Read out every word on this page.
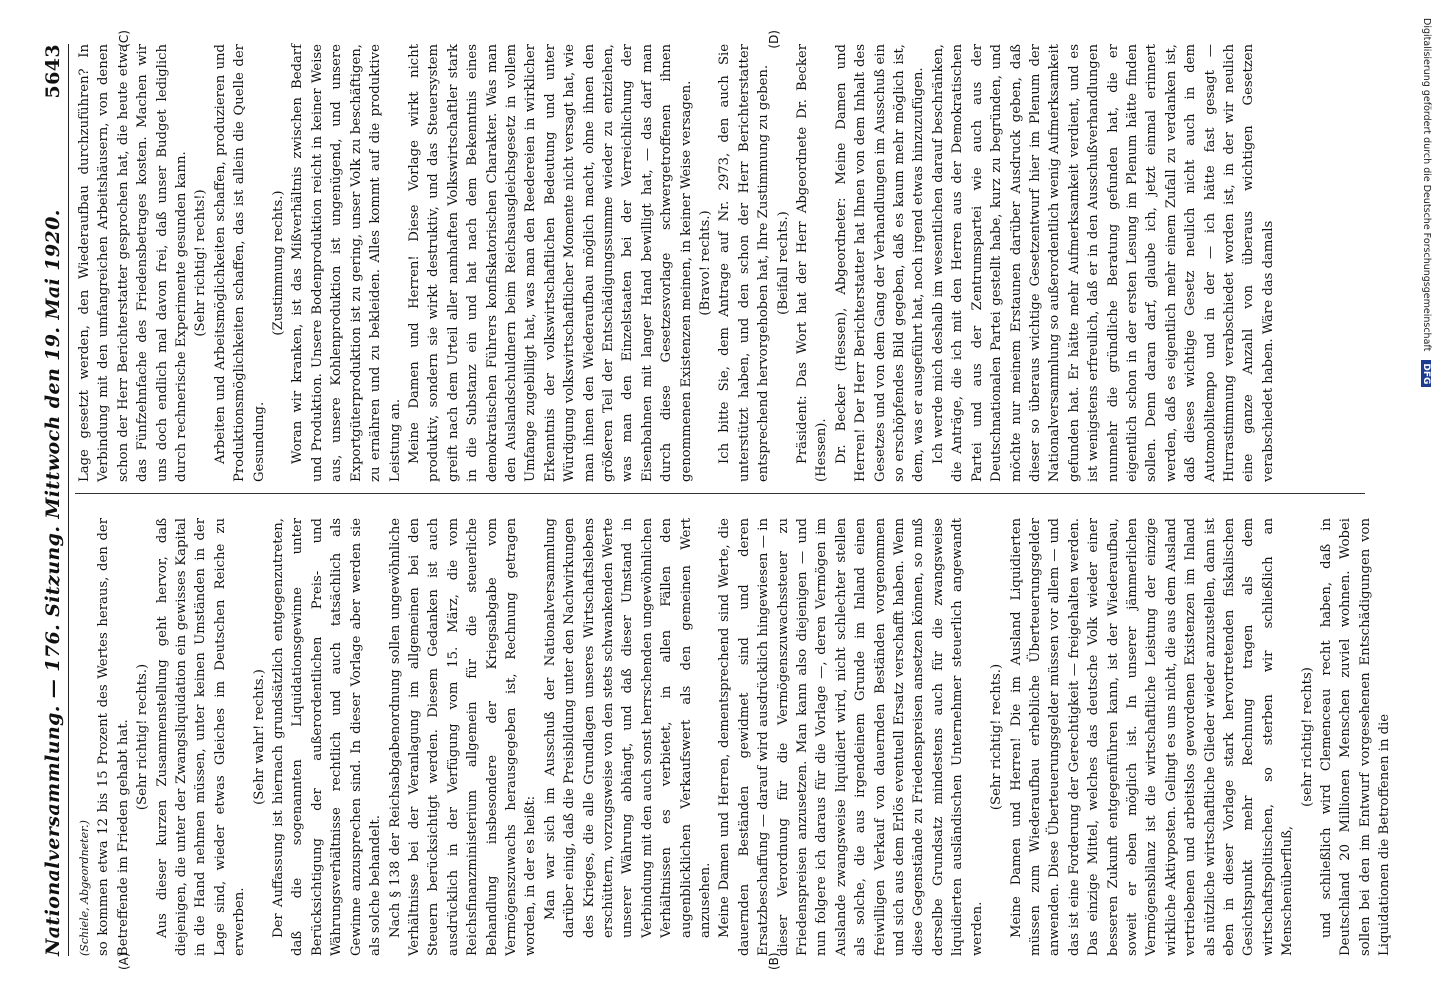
Nationalversammlung. — 176. Sitzung. Mittwoch den 19. Mai 1920.
5643

(Schiele, Abgeordneter.) so kommen etwa 12 bis 15 Prozent des Wertes heraus, den der Betreffende im Frieden gehabt hat. (Sehr richtig! rechts.) Aus dieser kurzen Zusammenstellung geht hervor, daß diejenigen, die unter der Zwangsliquidation ein gewisses Kapital in die Hand nehmen müssen, unter keinen Umständen in der Lage sind, wieder etwas Gleiches im Deutschen Reiche zu erwerben.

(Sehr wahr! rechts.) Der Auffassung ist hiernach grundsätzlich entgegenzutreten, daß die sogenannten Liquidationsgewinne unter Berücksichtigung der außerordentlichen Preis- und Währungsverhältnisse rechtlich und auch tatsächlich als Gewinne anzusprechen sind. In dieser Vorlage aber werden sie als solche behandelt. Nach § 138 der Reichsabgabenordnung sollen ungewöhnliche Verhältnisse bei der Veranlagung im allgemeinen bei den Steuern berücksichtigt werden. Diesem Gedanken ist auch ausdrücklich in der Verfügung vom 15. März, die vom Reichsfinanzministerium allgemein für die steuerliche Behandlung insbesondere der Kriegsabgabe vom Vermögenszuwachs herausgegeben ist, Rechnung getragen worden, in der es heißt: Man war sich im Ausschuß der Nationalversammlung darüber einig, daß die Preisbildung unter den Nachwirkungen des Krieges, die alle Grundlagen unseres Wirtschaftslebens erschüttern, vorzugsweise von den stets schwankenden Werte unserer Währung abhängt, und daß dieser Umstand in Verbindung mit den auch sonst herrschenden ungewöhnlichen Verhältnissen es verbietet, in allen Fällen den augenblicklichen Verkaufswert als den gemeinen Wert anzusehen. Meine Damen und Herren, dementsprechend sind Werte, die dauernden Beständen gewidmet sind und deren Ersatzbeschaffung — darauf wird ausdrücklich hingewiesen — in dieser Verordnung für die Vermögenszuwachssteuer zu Friedenspreisen anzusetzen. Man kann also diejenigen — und nun folgere ich daraus für die Vorlage —, deren Vermögen im Auslande zwangsweise liquidiert wird, nicht schlechter stellen als solche, die aus irgendeinem Grunde im Inland einen freiwilligen Verkauf von dauernden Beständen vorgenommen und sich aus dem Erlös eventuell Ersatz verschafft haben. Wenn diese Gegenstände zu Friedenspreisen ansetzen können, so muß derselbe Grundsatz mindestens auch für die zwangsweise liquidierten ausländischen Unternehmer steuerlich angewandt werden.

(Sehr richtig! rechts.) Meine Damen und Herren! Die im Ausland Liquidierten müssen zum Wiederaufbau erhebliche Überteuerungsgelder anwenden. Diese Überteuerungsgelder müssen vor allem — und das ist eine Forderung der Gerechtigkeit — freigehalten werden. Das einzige Mittel, welches das deutsche Volk wieder einer besseren Zukunft entgegenführen kann, ist der Wiederaufbau, soweit er eben möglich ist. In unserer jämmerlichen Vermögensbilanz ist die wirtschaftliche Leistung der einzige wirkliche Aktivposten. Gelingt es uns nicht, die aus dem Ausland vertriebenen und arbeitslos gewordenen Existenzen im Inland als nützliche wirtschaftliche Glieder wieder anzustellen, dann ist eben in dieser Vorlage stark hervortretenden fiskalischen Gesichtspunkt mehr Rechnung tragen als dem wirtschaftspolitischen, so sterben wir schließlich an Menschenüberfluß,

(sehr richtig! rechts) und schließlich wird Clemenceau recht haben, daß in Deutschland 20 Millionen Menschen zuviel wohnen. Wobei sollen bei den im Entwurf vorgesehenen Entschädigungen von Liquidationen die Betroffenen in die

(A)	(B)

Lage gesetzt werden, den Wiederaufbau durchzuführen? In Verbindung mit den umfangreichen Arbeitshäusern, von denen schon der Herr Berichterstatter gesprochen hat, die heute etwa das Fünfzehnfache des Friedensbetrages kosten. Machen wir uns doch endlich mal davon frei, daß unser Budget lediglich durch rechnerische Experimente gesunden kann. (Sehr richtig! rechts!) Arbeiten und Arbeitsmöglichkeiten schaffen, produzieren und Produktionsmöglichkeiten schaffen, das ist allein die Quelle der Gesundung.

(Zustimmung rechts.) Woran wir kranken, ist das Mißverhältnis zwischen Bedarf und Produktion. Unsere Bodenproduktion reicht in keiner Weise aus, unsere Kohlenproduktion ist ungenügend, und unsere Exportgüterproduktion ist zu gering, unser Volk zu beschäftigen, zu ernähren und zu bekleiden. Alles kommt auf die produktive Leistung an. Meine Damen und Herren! Diese Vorlage wirkt nicht produktiv, sondern sie wirkt destruktiv, und das Steuersystem greift nach dem Urteil aller namhaften Volkswirtschaftler stark in die Substanz ein und hat nach dem Bekenntnis eines demokratischen Führers konfiskatorischen Charakter. Was man den Auslandschuldnern beim Reichsausgleichsgesetz in vollem Umfange zugebilligt hat, was man den Reedereien in wirklicher Erkenntnis der volkswirtschaftlichen Bedeutung und unter Würdigung volkswirtschaftlicher Momente nicht versagt hat, wie man ihnen den Wiederaufbau möglich macht, ohne ihnen den größeren Teil der Entschädigungssumme wieder zu entziehen, was man den Einzelstaaten bei der Verreichlichung der Eisenbahnen mit langer Hand bewilligt hat, — das darf man durch diese Gesetzesvorlage schwergetroffenen ihnen genommenen Existenzen meinen, in keiner Weise versagen. (Bravo! rechts.) Ich bitte Sie, dem Antrage auf Nr. 2973, den auch Sie unterstützt haben, und den schon der Herr Berichterstatter entsprechend hervorgehoben hat, Ihre Zustimmung zu geben. (Beifall rechts.) Präsident: Das Wort hat der Herr Abgeordnete Dr. Becker (Hessen). Dr. Becker (Hessen), Abgeordneter: Meine Damen und Herren! Der Herr Berichterstatter hat Ihnen von dem Inhalt des Gesetzes und von dem Gang der Verhandlungen im Ausschuß ein so erschöpfendes Bild gegeben, daß es kaum mehr möglich ist, dem, was er ausgeführt hat, noch irgend etwas hinzuzufügen. Ich werde mich deshalb im wesentlichen darauf beschränken, die Anträge, die ich mit den Herren aus der Demokratischen Partei und aus der Zentrumspartei wie auch aus der Deutschnationalen Partei gestellt habe, kurz zu begründen, und möchte nur meinem Erstaunen darüber Ausdruck geben, daß dieser so überaus wichtige Gesetzentwurf hier im Plenum der Nationalversammlung so außerordentlich wenig Aufmerksamkeit gefunden hat. Er hätte mehr Aufmerksamkeit verdient, und es ist wenigstens erfreulich, daß er in den Ausschußverhandlungen nunmehr die gründliche Beratung gefunden hat, die er eigentlich schon in der ersten Lesung im Plenum hätte finden sollen. Denn daran darf, glaube ich, jetzt einmal erinnert werden, daß es eigentlich mehr einem Zufall zu verdanken ist, daß dieses wichtige Gesetz neulich nicht auch in dem Automobiltempo und in der — ich hätte fast gesagt — Hurrastimmung verabschiedet worden ist, in der wir neulich eine ganze Anzahl von überaus wichtigen Gesetzen verabschiedet haben. Wäre das damals

(C)	(D)	Digitalisierung gefördert durch die Deutsche Forschungsgemeinschaft DFG
